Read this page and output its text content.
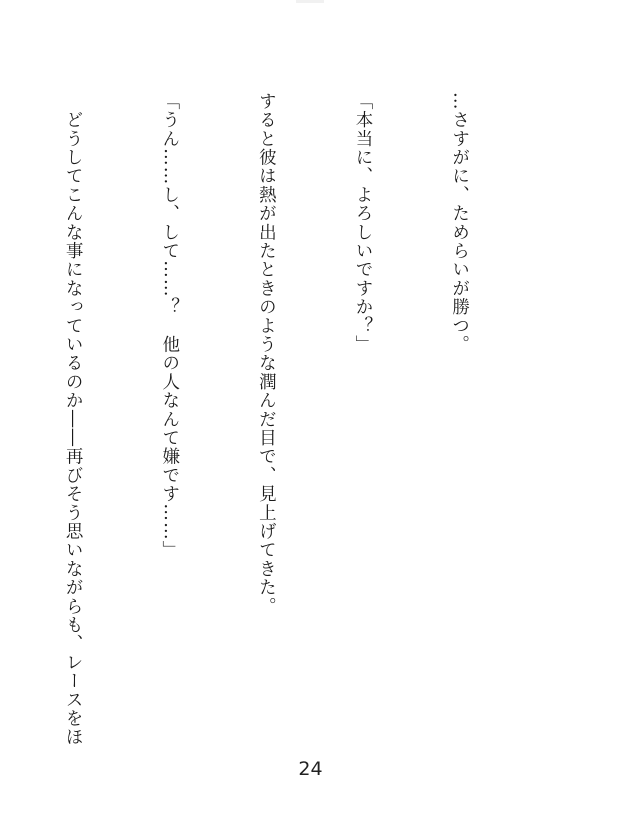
…さすがに、ためらいが勝つ。

「本当に、よろしいですか？」

すると彼は熱が出たときのような潤んだ目で、見上げてきた。

「うん……し、して……？　他の人なんて嫌です……」

　どうしてこんな事になっているのか――再びそう思いながらも、レースをほ

24
